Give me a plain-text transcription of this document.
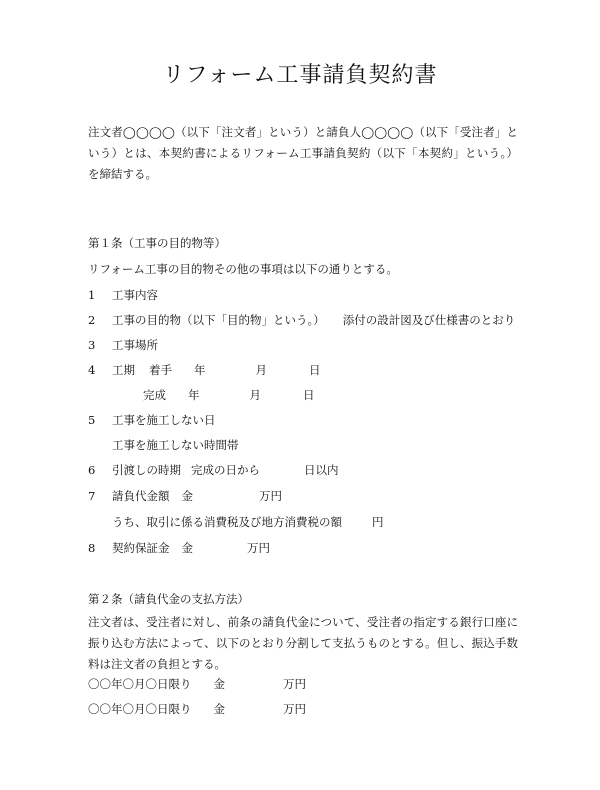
リフォーム工事請負契約書
注文者◯◯◯◯（以下「注文者」という）と請負人◯◯◯◯（以下「受注者」という）とは、本契約書によるリフォーム工事請負契約（以下「本契約」という。）を締結する。
第１条（工事の目的物等）
リフォーム工事の目的物その他の事項は以下の通りとする。
1 工事内容
2 工事の目的物（以下「目的物」という。） 添付の設計図及び仕様書のとおり
3 工事場所
4 工期 着手 年	月	日
完成 年	月	日
5 工事を施工しない日
工事を施工しない時間帯
6 引渡しの時期 完成の日から	日以内
7 請負代金額 金	万円
うち、取引に係る消費税及び地方消費税の額	円
8 契約保証金 金	万円
第２条（請負代金の支払方法）
注文者は、受注者に対し、前条の請負代金について、受注者の指定する銀行口座に振り込む方法によって、以下のとおり分割して支払うものとする。但し、振込手数料は注文者の負担とする。
〇〇年〇月〇日限り 金	万円
〇〇年〇月〇日限り 金	万円
